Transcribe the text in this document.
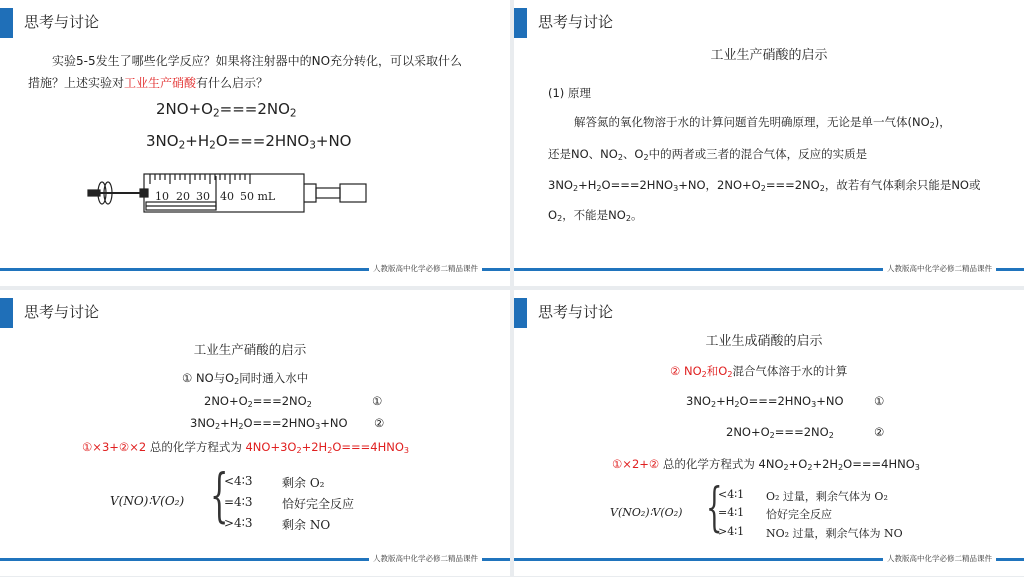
思考与讨论
实验5-5发生了哪些化学反应？如果将注射器中的NO充分转化，可以采取什么
措施？上述实验对工业生产硝酸有什么启示？
$2NO+O_2===2NO_2$
$3NO_2+H_2O===2HNO_3+NO$
10 20 30 40 50 mL
人教版高中化学必修二精品课件
思考与讨论
工业生产硝酸的启示
(1) 原理
解答氮的氧化物溶于水的计算问题首先明确原理，无论是单一气体$(NO_2)$，
还是NO、$NO_2$、$O_2$中的两者或三者的混合气体，反应的实质是
$3NO_2+H_2O===2HNO_3+NO$，$2NO+O_2===2NO_2$，故若有气体剩余只能是NO或
$O_2$，不能是$NO_2$。
人教版高中化学必修二精品课件
思考与讨论
工业生产硝酸的启示
① NO与$O_2$同时通入水中
$2NO+O_2===2NO_2$	①
$3NO_2+H_2O===2HNO_3+NO$ ②
①×3+②×2 总的化学方程式为 $4NO+3O_2+2H_2O===4HNO_3$
V(NO)∶V(O₂) {
<4∶3 剩余 O₂
=4∶3 恰好完全反应
>4∶3 剩余 NO
人教版高中化学必修二精品课件
思考与讨论
工业生成硝酸的启示
② $NO_2$和$O_2$混合气体溶于水的计算
$3NO_2+H_2O===2HNO_3+NO$	①
$2NO+O_2===2NO_2$	②
①×2+② 总的化学方程式为 $4NO_2+O_2+2H_2O===4HNO_3$
V(NO₂)∶V(O₂) {
<4∶1 O₂ 过量，剩余气体为 O₂
=4∶1 恰好完全反应
>4∶1 NO₂ 过量，剩余气体为 NO
人教版高中化学必修二精品课件
